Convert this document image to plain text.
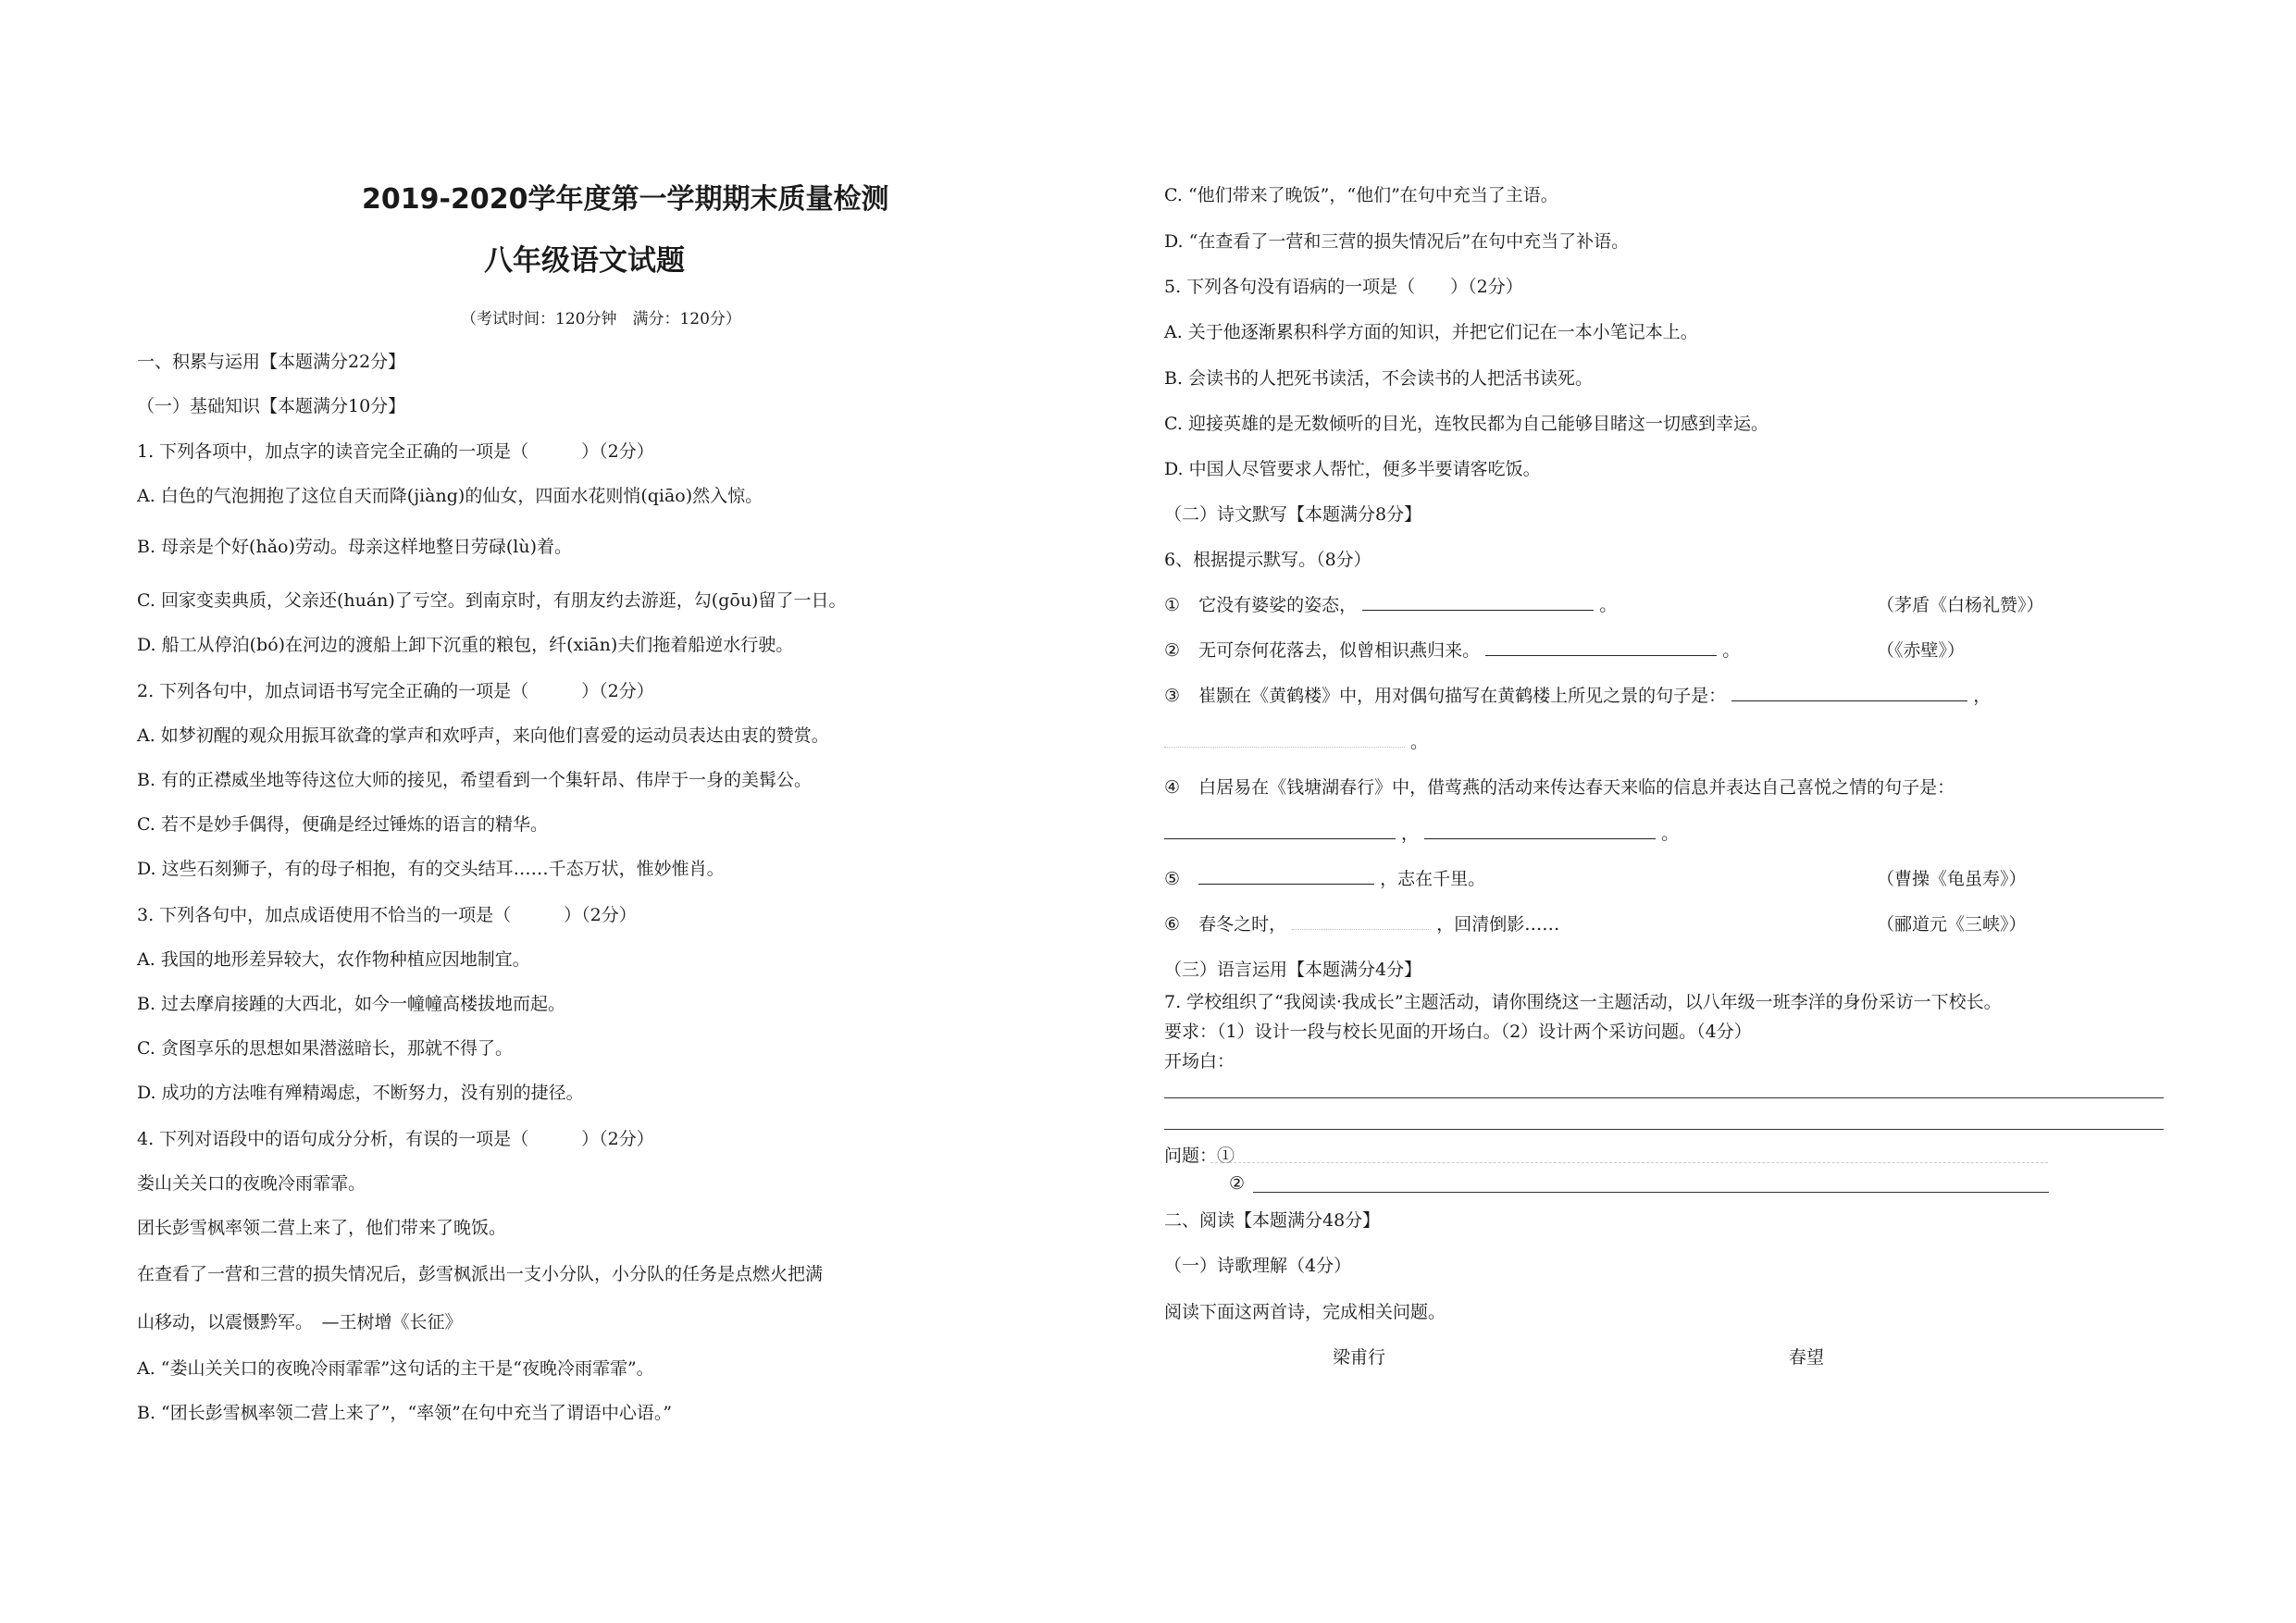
2019-2020学年度第一学期期末质量检测
八年级语文试题
（考试时间：120分钟　满分：120分）
一、积累与运用【本题满分22分】
（一）基础知识【本题满分10分】
1. 下列各项中，加点字的读音完全正确的一项是（　　　）（2分）
A. 白色的气泡拥抱了这位自天而降(jiàng)的仙女，四面水花则悄(qiāo)然入惊。
B. 母亲是个好(hǎo)劳动。母亲这样地整日劳碌(lù)着。
C. 回家变卖典质，父亲还(huán)了亏空。到南京时，有朋友约去游逛，勾(gōu)留了一日。
D. 船工从停泊(bó)在河边的渡船上卸下沉重的粮包，纤(xiān)夫们拖着船逆水行驶。
2. 下列各句中，加点词语书写完全正确的一项是（　　　）（2分）
A. 如梦初醒的观众用振耳欲聋的掌声和欢呼声，来向他们喜爱的运动员表达由衷的赞赏。
B. 有的正襟威坐地等待这位大师的接见，希望看到一个集轩昂、伟岸于一身的美髯公。
C. 若不是妙手偶得，便确是经过锤炼的语言的精华。
D. 这些石刻狮子，有的母子相抱，有的交头结耳……千态万状，惟妙惟肖。
3. 下列各句中，加点成语使用不恰当的一项是（　　　）（2分）
A. 我国的地形差异较大，农作物种植应因地制宜。
B. 过去摩肩接踵的大西北，如今一幢幢高楼拔地而起。
C. 贪图享乐的思想如果潜滋暗长，那就不得了。
D. 成功的方法唯有殚精竭虑，不断努力，没有别的捷径。
4. 下列对语段中的语句成分分析，有误的一项是（　　　）（2分）
娄山关关口的夜晚冷雨霏霏。
团长彭雪枫率领二营上来了，他们带来了晚饭。
在查看了一营和三营的损失情况后，彭雪枫派出一支小分队，小分队的任务是点燃火把满
山移动，以震慑黔军。　—王树增《长征》
A. “娄山关关口的夜晚冷雨霏霏”这句话的主干是“夜晚冷雨霏霏”。
B. “团长彭雪枫率领二营上来了”，“率领”在句中充当了谓语中心语。”
C. “他们带来了晚饭”，“他们”在句中充当了主语。
D. “在查看了一营和三营的损失情况后”在句中充当了补语。
5. 下列各句没有语病的一项是（　　）（2分）
A. 关于他逐渐累积科学方面的知识，并把它们记在一本小笔记本上。
B. 会读书的人把死书读活，不会读书的人把活书读死。
C. 迎接英雄的是无数倾听的目光，连牧民都为自己能够目睹这一切感到幸运。
D. 中国人尽管要求人帮忙，便多半要请客吃饭。
（二）诗文默写【本题满分8分】
6、根据提示默写。（8分）
① 它没有婆娑的姿态，	。	（茅盾《白杨礼赞》）
② 无可奈何花落去，似曾相识燕归来。	。	（《赤壁》）
③ 崔颢在《黄鹤楼》中，用对偶句描写在黄鹤楼上所见之景的句子是：	，
。
④ 白居易在《钱塘湖春行》中，借莺燕的活动来传达春天来临的信息并表达自己喜悦之情的句子是：
，	。
⑤	，志在千里。	（曹操《龟虽寿》）
⑥ 春冬之时，	，回清倒影……	（郦道元《三峡》）
（三）语言运用【本题满分4分】
7. 学校组织了“我阅读·我成长”主题活动，请你围绕这一主题活动，以八年级一班李洋的身份采访一下校长。
要求：（1）设计一段与校长见面的开场白。（2）设计两个采访问题。（4分）
开场白：
问题：①
②
二、阅读【本题满分48分】
（一）诗歌理解（4分）
阅读下面这两首诗，完成相关问题。
梁甫行	春望
